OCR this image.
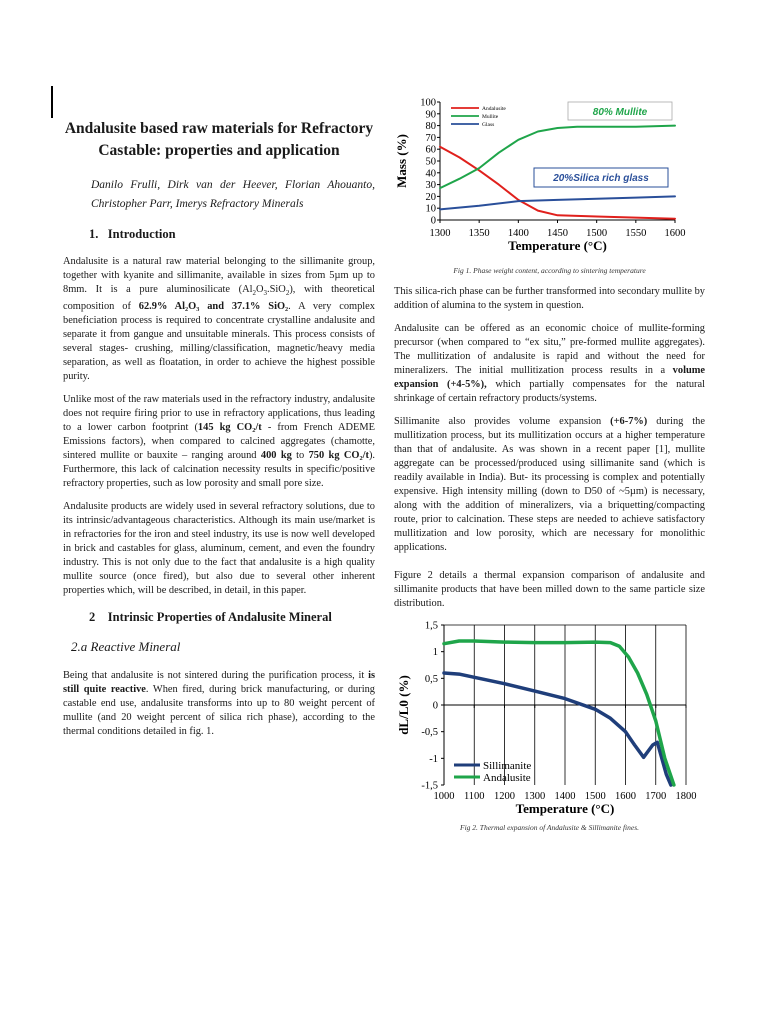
Andalusite based raw materials for Refractory Castable: properties and application
Danilo Frulli, Dirk van der Heever, Florian Ahouanto, Christopher Parr, Imerys Refractory Minerals
1.   Introduction

Andalusite is a natural raw material belonging to the sillimanite group, together with kyanite and sillimanite, available in sizes from 5µm up to 8mm. It is a pure aluminosilicate $(Al_2O_3.SiO_2)$, with theoretical composition of 62.9% Al₂O₃ and 37.1% SiO₂. A very complex beneficiation process is required to concentrate crystalline andalusite and separate it from gangue and unsuitable minerals. This process consists of several stages- crushing, milling/classification, magnetic/heavy media separation, as well as floatation, in order to achieve the highest possible purity.

Unlike most of the raw materials used in the refractory industry, andalusite does not require firing prior to use in refractory applications, thus leading to a lower carbon footprint (145 kg CO₂/t - from French ADEME Emissions factors), when compared to calcined aggregates (chamotte, sintered mullite or bauxite – ranging around 400 kg to 750 kg CO₂/t). Furthermore, this lack of calcination necessity results in specific/positive refractory properties, such as low porosity and small pore size.

Andalusite products are widely used in several refractory solutions, due to its intrinsic/advantageous characteristics. Although its main use/market is in refractories for the iron and steel industry, its use is now well developed in brick and castables for glass, aluminum, cement, and even the foundry industry. This is not only due to the fact that andalusite is a high quality mullite source (once fired), but also due to several other inherent properties which, will be described, in detail, in this paper.

2 Intrinsic Properties of Andalusite Mineral
2.a Reactive Mineral

Being that andalusite is not sintered during the purification process, it is still quite reactive. When fired, during brick manufacturing, or during castable end use, andalusite transforms into up to 80 weight percent of mullite (and 20 weight percent of silica rich phase), according to the thermal conditions detailed in fig. 1.

1300 1350 1400 1450 1500 1550 1600
0
10
20
30
40
50
60
70
80
90
100
Mass (%)
Temperature (°C)
Andalusite
Mullite
Glass
80% Mullite
20%Silica rich glass
Fig 1. Phase weight content, according to sintering temperature

This silica-rich phase can be further transformed into secondary mullite by addition of alumina to the system in question.

Andalusite can be offered as an economic choice of mullite-forming precursor (when compared to “ex situ,” pre-formed mullite aggregates). The mullitization of andalusite is rapid and without the need for mineralizers. The initial mullitization process results in a volume expansion (+4-5%), which partially compensates for the natural shrinkage of certain refractory products/systems.

Sillimanite also provides volume expansion (+6-7%) during the mullitization process, but its mullitization occurs at a higher temperature than that of andalusite. As was shown in a recent paper [1], mullite aggregate can be processed/produced using sillimanite sand (which is readily available in India). But- its processing is complex and potentially expensive. High intensity milling (down to D50 of ~5µm) is necessary, along with the addition of mineralizers, via a briquetting/compacting route, prior to calcination. These steps are needed to achieve satisfactory mullitization and low porosity, which are necessary for monolithic applications.

Figure 2 details a thermal expansion comparison of andalusite and sillimanite products that have been milled down to the same particle size distribution.

1000 1100 1200 1300 1400 1500 1600 1700 1800
1,5
1
0,5
0
-0,5
-1
-1,5
dL/L0 (%)
Temperature (°C)
Sillimanite
Andalusite
Fig 2. Thermal expansion of Andalusite & Sillimanite fines.
